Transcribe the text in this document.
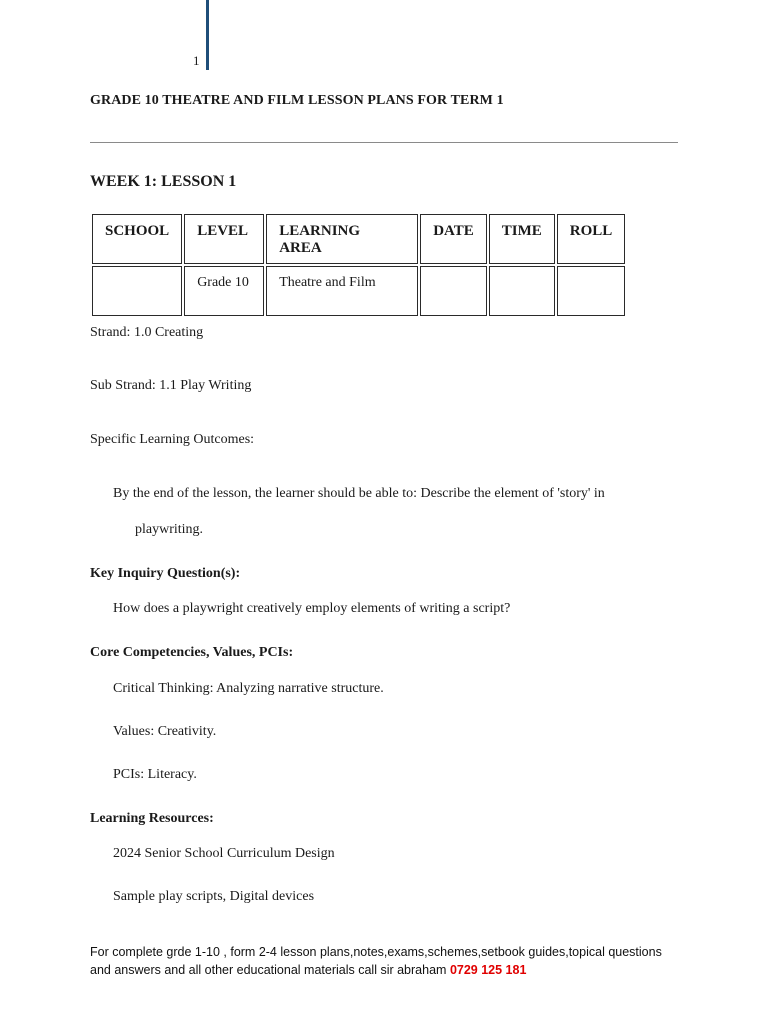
1
GRADE 10 THEATRE AND FILM LESSON PLANS FOR TERM 1
WEEK 1: LESSON 1
SCHOOL	LEVEL	LEARNING AREA	DATE	TIME	ROLL
	Grade 10	Theatre and Film			
Strand: 1.0 Creating
Sub Strand: 1.1 Play Writing
Specific Learning Outcomes:
By the end of the lesson, the learner should be able to: Describe the element of 'story' in
playwriting.
Key Inquiry Question(s):
How does a playwright creatively employ elements of writing a script?
Core Competencies, Values, PCIs:
Critical Thinking: Analyzing narrative structure.
Values: Creativity.
PCIs: Literacy.
Learning Resources:
2024 Senior School Curriculum Design
Sample play scripts, Digital devices
For complete grde 1-10 , form 2-4 lesson plans,notes,exams,schemes,setbook guides,topical questions and answers and all other educational materials call sir abraham 0729 125 181
